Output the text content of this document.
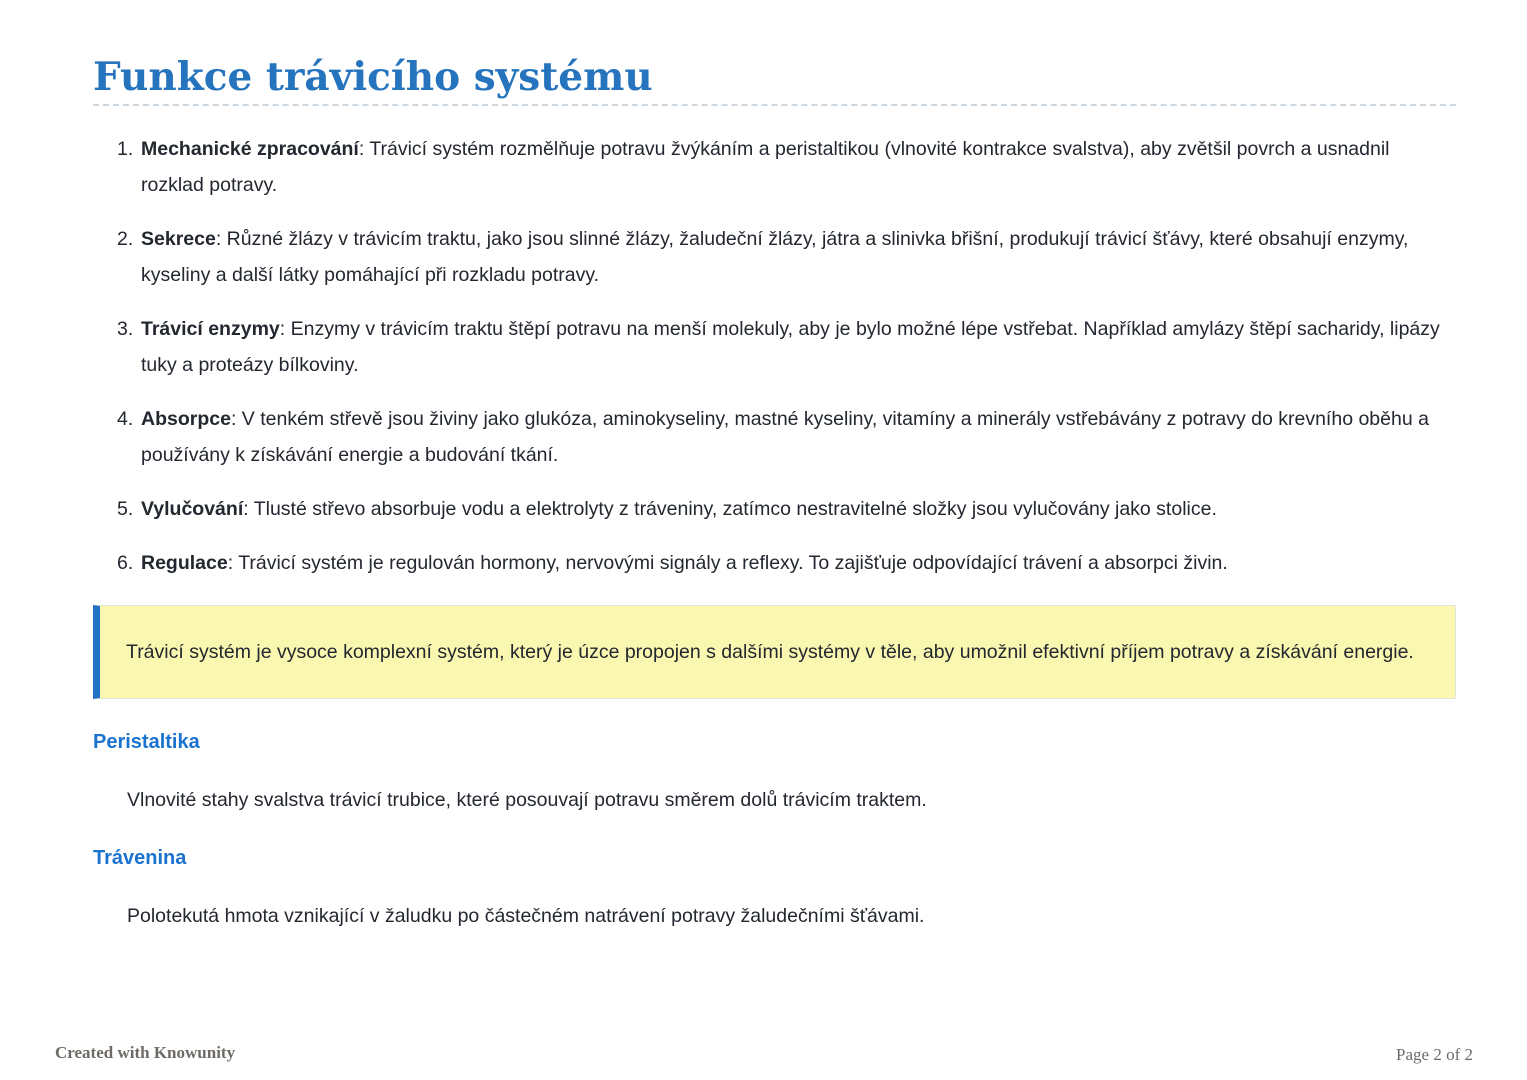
Funkce trávicího systému
1. Mechanické zpracování: Trávicí systém rozmělňuje potravu žvýkáním a peristaltikou (vlnovité kontrakce svalstva), aby zvětšil povrch a usnadnil rozklad potravy.
2. Sekrece: Různé žlázy v trávicím traktu, jako jsou slinné žlázy, žaludeční žlázy, játra a slinivka břišní, produkují trávicí šťávy, které obsahují enzymy, kyseliny a další látky pomáhající při rozkladu potravy.
3. Trávicí enzymy: Enzymy v trávicím traktu štěpí potravu na menší molekuly, aby je bylo možné lépe vstřebat. Například amylázy štěpí sacharidy, lipázy tuky a proteázy bílkoviny.
4. Absorpce: V tenkém střevě jsou živiny jako glukóza, aminokyseliny, mastné kyseliny, vitamíny a minerály vstřebávány z potravy do krevního oběhu a používány k získávání energie a budování tkání.
5. Vylučování: Tlusté střevo absorbuje vodu a elektrolyty z tráveniny, zatímco nestravitelné složky jsou vylučovány jako stolice.
6. Regulace: Trávicí systém je regulován hormony, nervovými signály a reflexy. To zajišťuje odpovídající trávení a absorpci živin.
Trávicí systém je vysoce komplexní systém, který je úzce propojen s dalšími systémy v těle, aby umožnil efektivní příjem potravy a získávání energie.
Peristaltika

Vlnovité stahy svalstva trávicí trubice, které posouvají potravu směrem dolů trávicím traktem.

Trávenina

Polotekutá hmota vznikající v žaludku po částečném natrávení potravy žaludečními šťávami.

Created with Knowunity	Page 2 of 2
